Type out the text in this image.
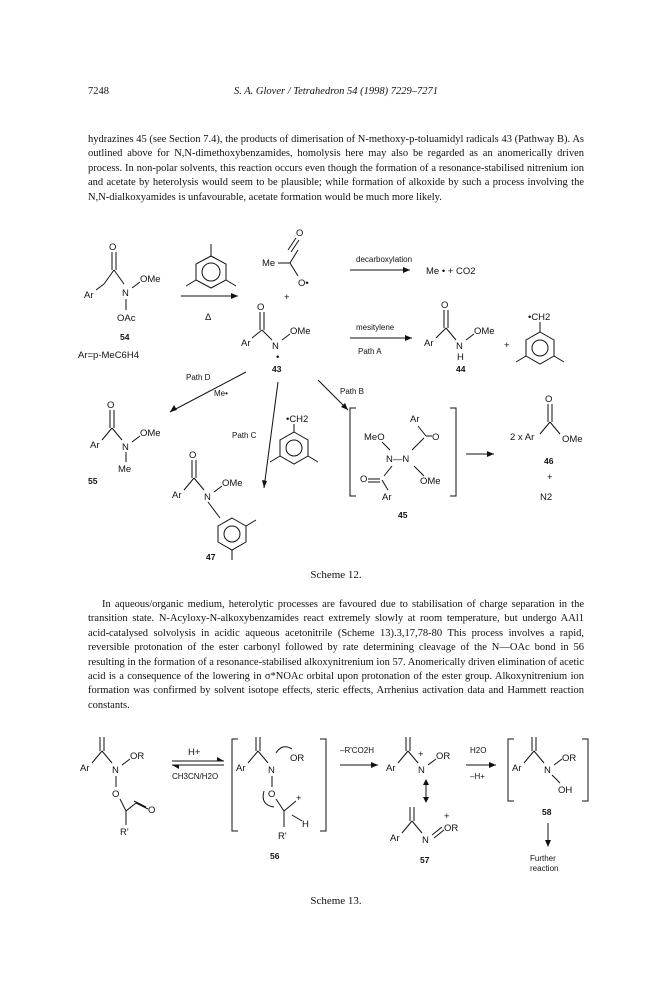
7248	S. A. Glover / Tetrahedron 54 (1998) 7229–7271

hydrazines 45 (see Section 7.4), the products of dimerisation of N-methoxy-p-toluamidyl radicals 43 (Pathway B). As outlined above for N,N-dimethoxybenzamides, homolysis here may also be regarded as an anomerically driven process. In non-polar solvents, this reaction occurs even though the formation of a resonance-stabilised nitrenium ion and acetate by heterolysis would seem to be plausible; while formation of alkoxide by such a process involving the N,N-dialkoxyamides is unfavourable, acetate formation would be much more likely.

O
Ar	N
OMe
OAc
54
Ar=p-MeC6H4
Δ
Me
O
O•
+
decarboxylation
Me • + CO2
Ar
O
N
•
OMe
43
mesitylene
Path A
Ar
O
N
H
OMe
+
44
•CH2
Path D
Me•
Path C
Path B
•CH2
Ar
O
N
OMe
Me
55
Ar
O
N
OMe
47
Ar
O
MeO
N—N
O	OMe
Ar
45
2 x Ar
O
OMe
46
+
N2
Scheme 12.

In aqueous/organic medium, heterolytic processes are favoured due to stabilisation of charge separation in the transition state. N-Acyloxy-N-alkoxybenzamides react extremely slowly at room temperature, but undergo AAl1 acid-catalysed solvolysis in acidic aqueous acetonitrile (Scheme 13).3,17,78-80 This process involves a rapid, reversible protonation of the ester carbonyl followed by rate determining cleavage of the N—OAc bond in 56 resulting in the formation of a resonance-stabilised alkoxynitrenium ion 57. Anomerically driven elimination of acetic acid is a consequence of the lowering in σ*NOAc orbital upon protonation of the ester group. Alkoxynitrenium ion formation was confirmed by solvent isotope effects, steric effects, Arrhenius activation data and Hammett reaction constants.

Ar N
OR
O
O
R'
H+
CH3CN/H2O
Ar N
OR
O +
H
R'
56
–R'CO2H
Ar
+
N
OR
Ar N
+
OR
57
H2O
–H+
Ar N
OR
OH
58
Further
reaction
Scheme 13.
